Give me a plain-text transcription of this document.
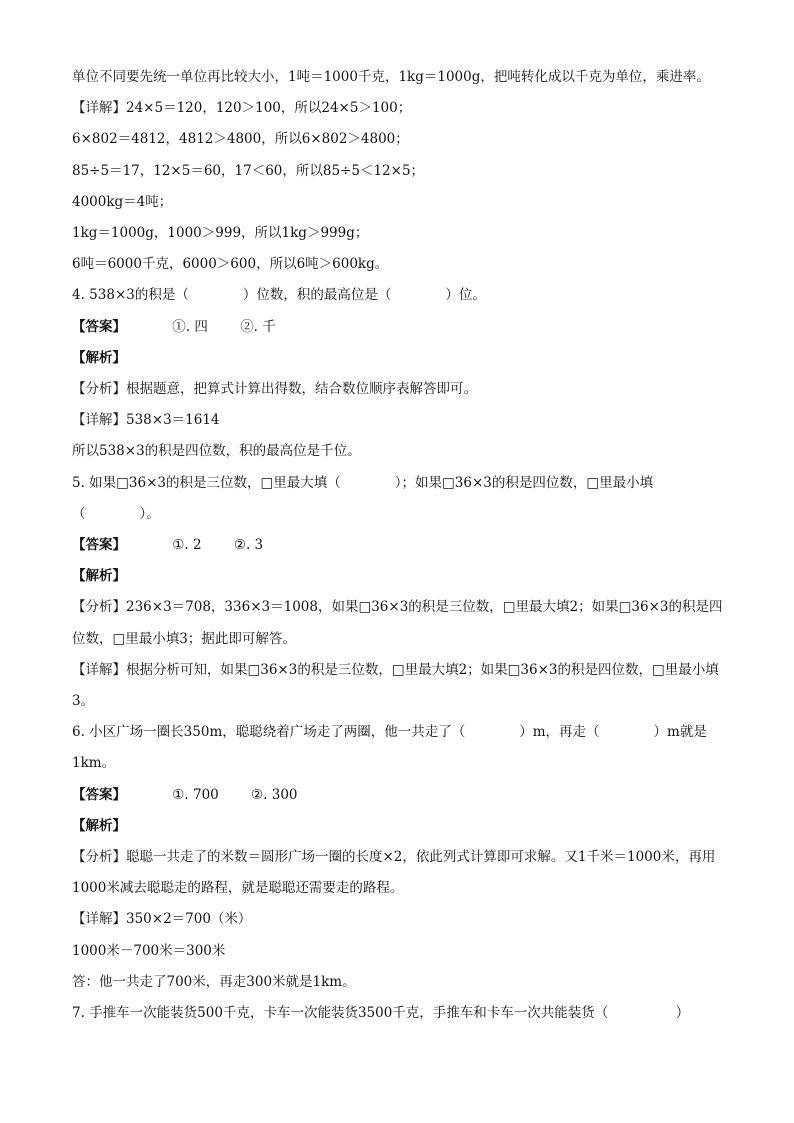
单位不同要先统一单位再比较大小，1吨＝1000千克，1kg＝1000g，把吨转化成以千克为单位，乘进率。
【详解】24×5＝120，120＞100，所以24×5＞100；
6×802＝4812，4812＞4800，所以6×802＞4800；
85÷5＝17，12×5＝60，17＜60，所以85÷5＜12×5；
4000kg＝4吨；
1kg＝1000g，1000＞999，所以1kg＞999g；
6吨＝6000千克，6000＞600，所以6吨＞600kg。
4. 538×3的积是（　　　　）位数，积的最高位是（　　　　）位。
【答案】	①. 四 ②. 千
【解析】
【分析】根据题意，把算式计算出得数，结合数位顺序表解答即可。
【详解】538×3＝1614
所以538×3的积是四位数，积的最高位是千位。
5. 如果□36×3的积是三位数，□里最大填（　　　　）；如果□36×3的积是四位数，□里最小填（　　　　）。
【答案】	①. 2 ②. 3
【解析】
【分析】236×3＝708，336×3＝1008，如果□36×3的积是三位数，□里最大填2；如果□36×3的积是四位数，□里最小填3；据此即可解答。
【详解】根据分析可知，如果□36×3的积是三位数，□里最大填2；如果□36×3的积是四位数，□里最小填3。
6. 小区广场一圈长350m，聪聪绕着广场走了两圈，他一共走了（　　　　）m，再走（　　　　）m就是1km。
【答案】	①. 700 ②. 300
【解析】
【分析】聪聪一共走了的米数＝圆形广场一圈的长度×2，依此列式计算即可求解。又1千米＝1000米，再用1000米减去聪聪走的路程，就是聪聪还需要走的路程。
【详解】350×2＝700（米）
1000米－700米＝300米
答：他一共走了700米，再走300米就是1km。
7. 手推车一次能装货500千克，卡车一次能装货3500千克，手推车和卡车一次共能装货（　　　　　）
